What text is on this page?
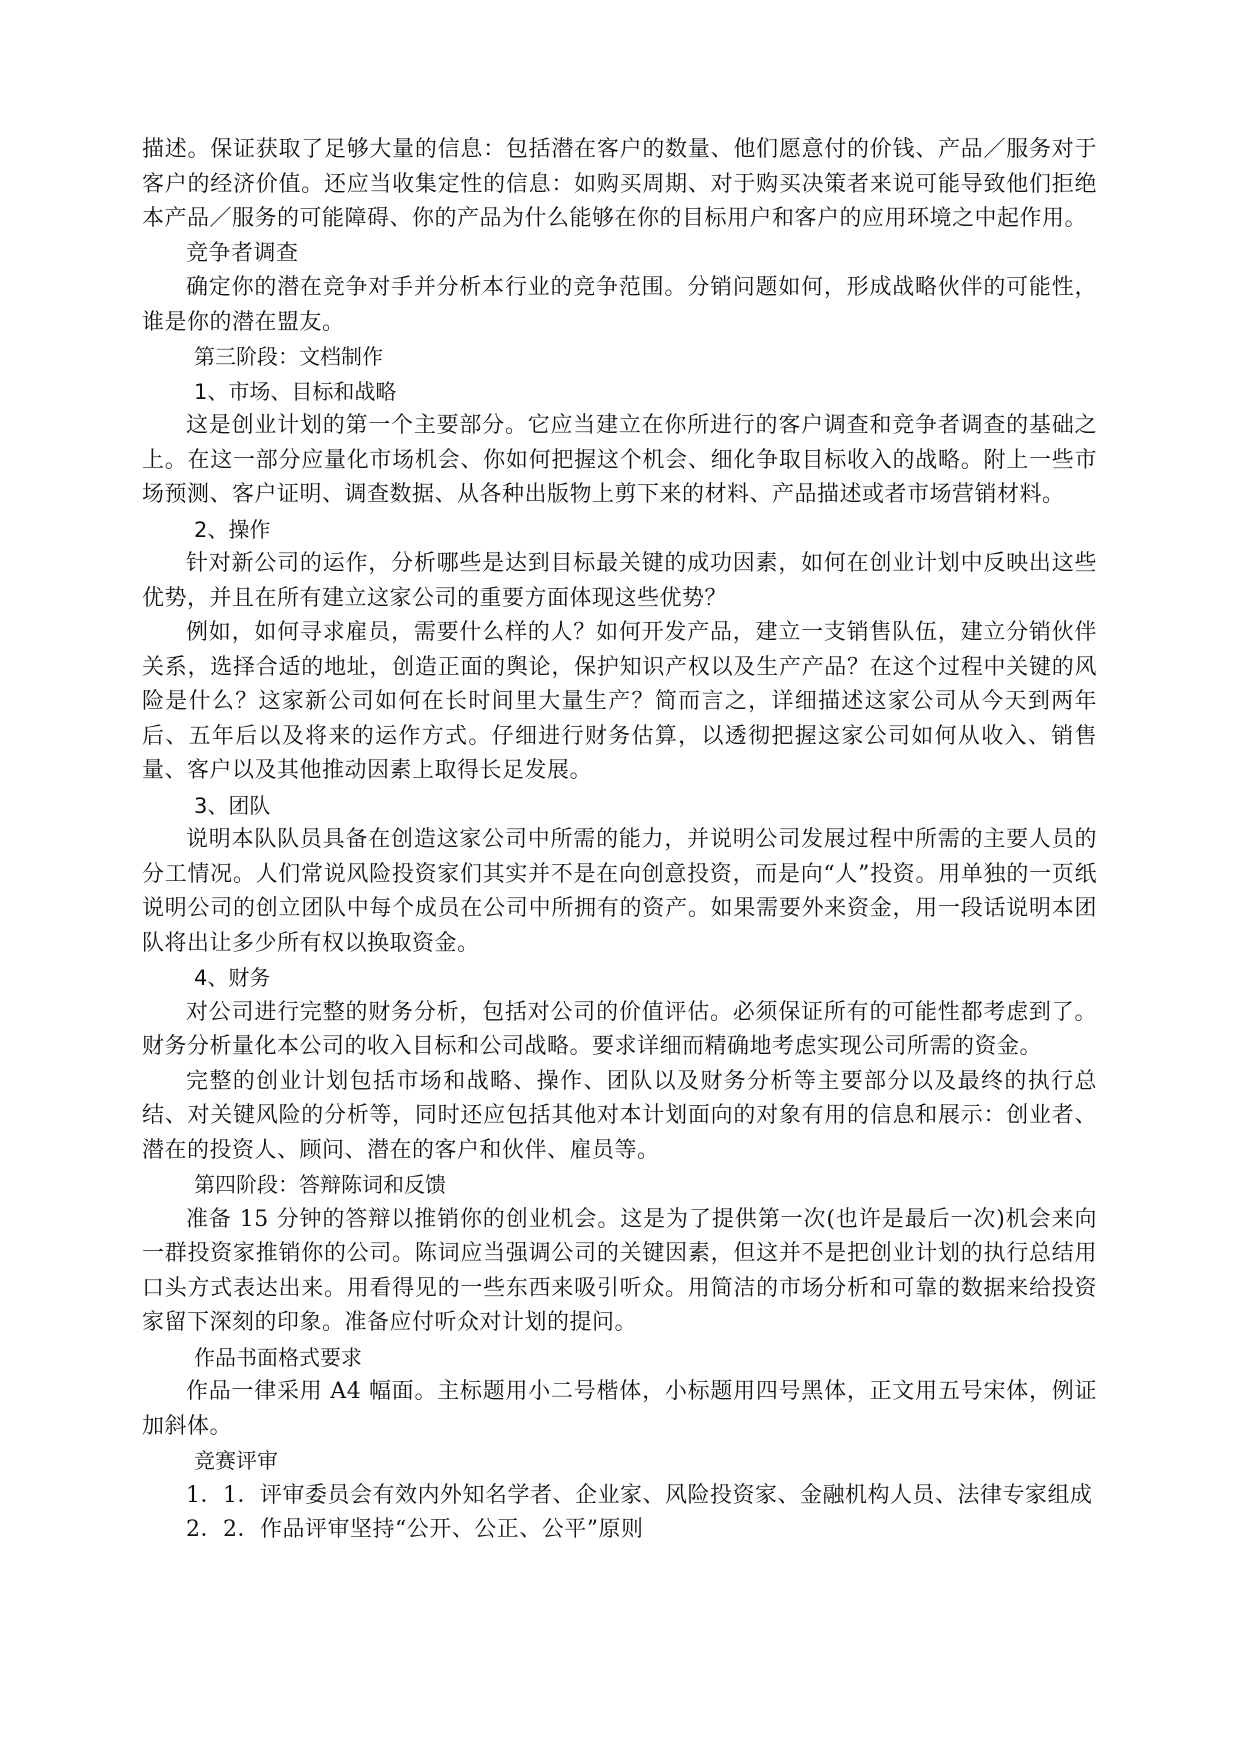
描述。保证获取了足够大量的信息：包括潜在客户的数量、他们愿意付的价钱、产品／服务对于客户的经济价值。还应当收集定性的信息：如购买周期、对于购买决策者来说可能导致他们拒绝本产品／服务的可能障碍、你的产品为什么能够在你的目标用户和客户的应用环境之中起作用。

竞争者调查

确定你的潜在竞争对手并分析本行业的竞争范围。分销问题如何，形成战略伙伴的可能性，谁是你的潜在盟友。

第三阶段：文档制作
1、市场、目标和战略

这是创业计划的第一个主要部分。它应当建立在你所进行的客户调查和竞争者调查的基础之上。在这一部分应量化市场机会、你如何把握这个机会、细化争取目标收入的战略。附上一些市场预测、客户证明、调查数据、从各种出版物上剪下来的材料、产品描述或者市场营销材料。

2、操作

针对新公司的运作，分析哪些是达到目标最关键的成功因素，如何在创业计划中反映出这些优势，并且在所有建立这家公司的重要方面体现这些优势？

例如，如何寻求雇员，需要什么样的人？如何开发产品，建立一支销售队伍，建立分销伙伴关系，选择合适的地址，创造正面的舆论，保护知识产权以及生产产品？在这个过程中关键的风险是什么？这家新公司如何在长时间里大量生产？简而言之，详细描述这家公司从今天到两年后、五年后以及将来的运作方式。仔细进行财务估算，以透彻把握这家公司如何从收入、销售量、客户以及其他推动因素上取得长足发展。

3、团队

说明本队队员具备在创造这家公司中所需的能力，并说明公司发展过程中所需的主要人员的分工情况。人们常说风险投资家们其实并不是在向创意投资，而是向“人”投资。用单独的一页纸说明公司的创立团队中每个成员在公司中所拥有的资产。如果需要外来资金，用一段话说明本团队将出让多少所有权以换取资金。

4、财务

对公司进行完整的财务分析，包括对公司的价值评估。必须保证所有的可能性都考虑到了。财务分析量化本公司的收入目标和公司战略。要求详细而精确地考虑实现公司所需的资金。

完整的创业计划包括市场和战略、操作、团队以及财务分析等主要部分以及最终的执行总结、对关键风险的分析等，同时还应包括其他对本计划面向的对象有用的信息和展示：创业者、潜在的投资人、顾问、潜在的客户和伙伴、雇员等。

第四阶段：答辩陈词和反馈

准备 15 分钟的答辩以推销你的创业机会。这是为了提供第一次(也许是最后一次)机会来向一群投资家推销你的公司。陈词应当强调公司的关键因素，但这并不是把创业计划的执行总结用口头方式表达出来。用看得见的一些东西来吸引听众。用简洁的市场分析和可靠的数据来给投资家留下深刻的印象。准备应付听众对计划的提问。

作品书面格式要求

作品一律采用 A4 幅面。主标题用小二号楷体，小标题用四号黑体，正文用五号宋体，例证加斜体。

竞赛评审

1．1．评审委员会有效内外知名学者、企业家、风险投资家、金融机构人员、法律专家组成

2．2．作品评审坚持“公开、公正、公平”原则
